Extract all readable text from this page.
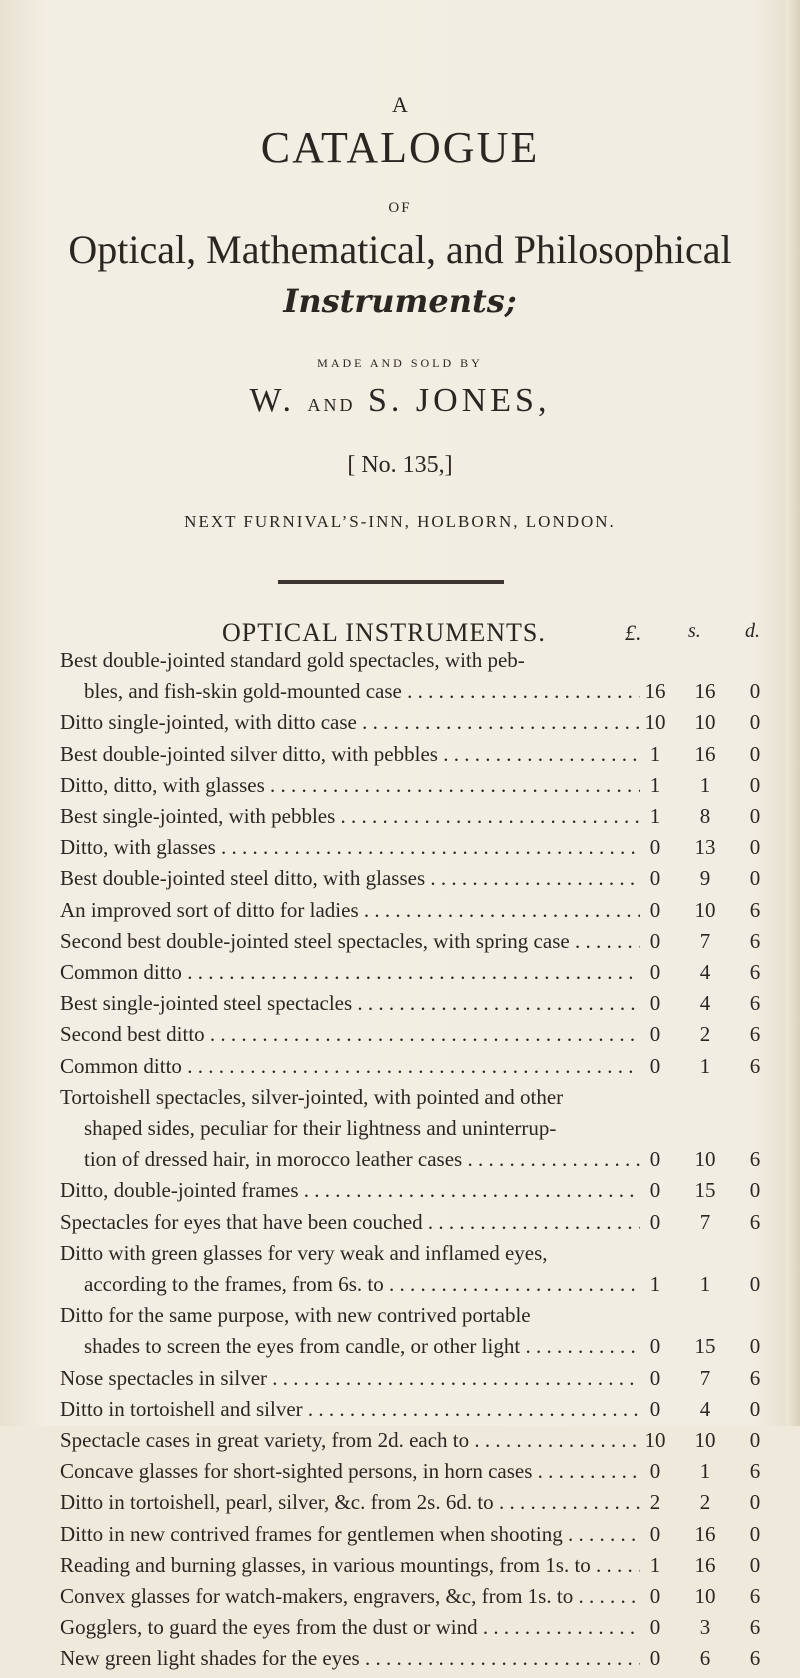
A
CATALOGUE
OF
Optical, Mathematical, and Philosophical
Instruments;
MADE AND SOLD BY
W. AND S. JONES,
[ No. 135,]
NEXT FURNIVAL’S-INN, HOLBORN, LONDON.
OPTICAL INSTRUMENTS.	£. s. d.
Best double-jointed standard gold spectacles, with peb-
bles, and fish-skin gold-mounted case . . .	16	16	0
Ditto single-jointed, with ditto case . . .	10	10	0
Best double-jointed silver ditto, with pebbles . . .	1	16	0
Ditto, ditto, with glasses . . .	1	1	0
Best single-jointed, with pebbles . . .	1	8	0
Ditto, with glasses . . .	0	13	0
Best double-jointed steel ditto, with glasses . . .	0	9	0
An improved sort of ditto for ladies . . .	0	10	6
Second best double-jointed steel spectacles, with spring case . . .	0	7	6
Common ditto . . .	0	4	6
Best single-jointed steel spectacles . . .	0	4	6
Second best ditto . . .	0	2	6
Common ditto . . .	0	1	6
Tortoishell spectacles, silver-jointed, with pointed and other
shaped sides, peculiar for their lightness and uninterrup-
tion of dressed hair, in morocco leather cases . . .	0	10	6
Ditto, double-jointed frames . . .	0	15	0
Spectacles for eyes that have been couched . . .	0	7	6
Ditto with green glasses for very weak and inflamed eyes,
according to the frames, from 6s. to . . .	1	1	0
Ditto for the same purpose, with new contrived portable
shades to screen the eyes from candle, or other light . . .	0	15	0
Nose spectacles in silver . . .	0	7	6
Ditto in tortoishell and silver . . .	0	4	0
Spectacle cases in great variety, from 2d. each to . . .	10	10	0
Concave glasses for short-sighted persons, in horn cases . . .	0	1	6
Ditto in tortoishell, pearl, silver, &c. from 2s. 6d. to . . .	2	2	0
Ditto in new contrived frames for gentlemen when shooting . . .	0	16	0
Reading and burning glasses, in various mountings, from 1s. to . . .	1	16	0
Convex glasses for watch-makers, engravers, &c, from 1s. to . . .	0	10	6
Gogglers, to guard the eyes from the dust or wind . . .	0	3	6
New green light shades for the eyes . . .	0	6	6
